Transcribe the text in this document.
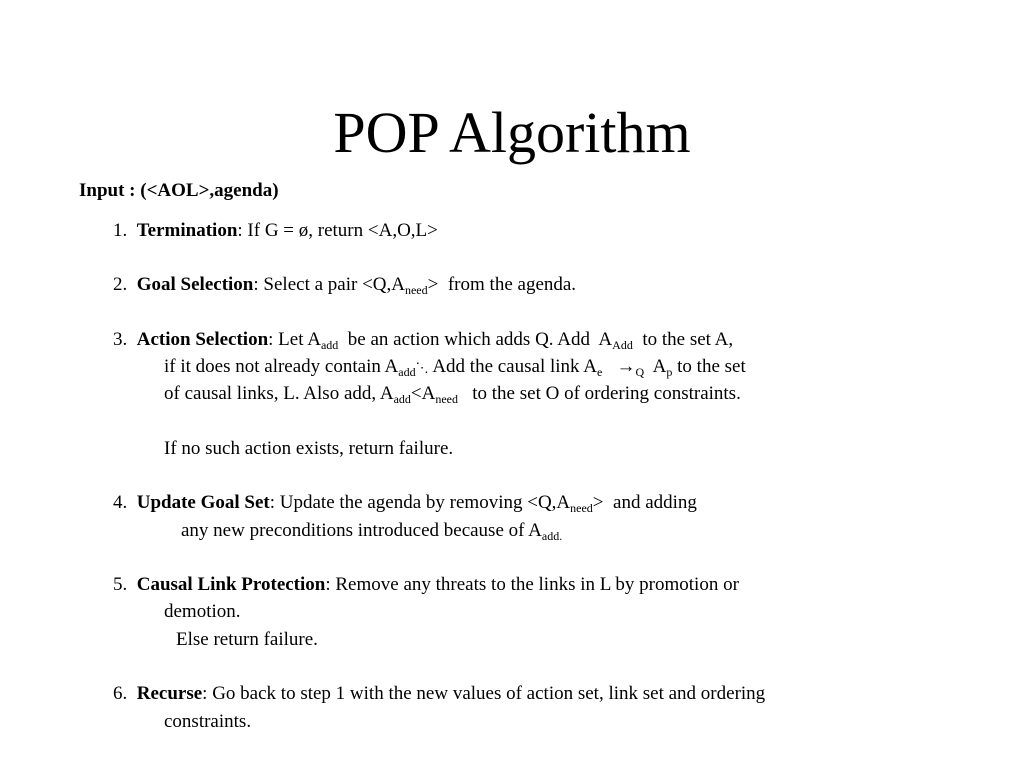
POP Algorithm
Input : (<AOL>,agenda)
1. Termination: If G = ø, return <A,O,L>
2. Goal Selection: Select a pair $<Q,A_{need}>$ from the agenda.
3. Action Selection: Let $A_{add}$ be an action which adds Q. Add $A_{Add}$ to the set A,
if it does not already contain $A_{add}⋱$ Add the causal link $A_e \to_Q$ $A_p$ to the set
of causal links, L. Also add, $A_{add}<A_{need}$ to the set O of ordering constraints.
If no such action exists, return failure.
4. Update Goal Set: Update the agenda by removing $<Q,A_{need}>$ and adding
any new preconditions introduced because of $A_{add.}$
5. Causal Link Protection: Remove any threats to the links in L by promotion or
demotion.
Else return failure.
6. Recurse: Go back to step 1 with the new values of action set, link set and ordering
constraints.
